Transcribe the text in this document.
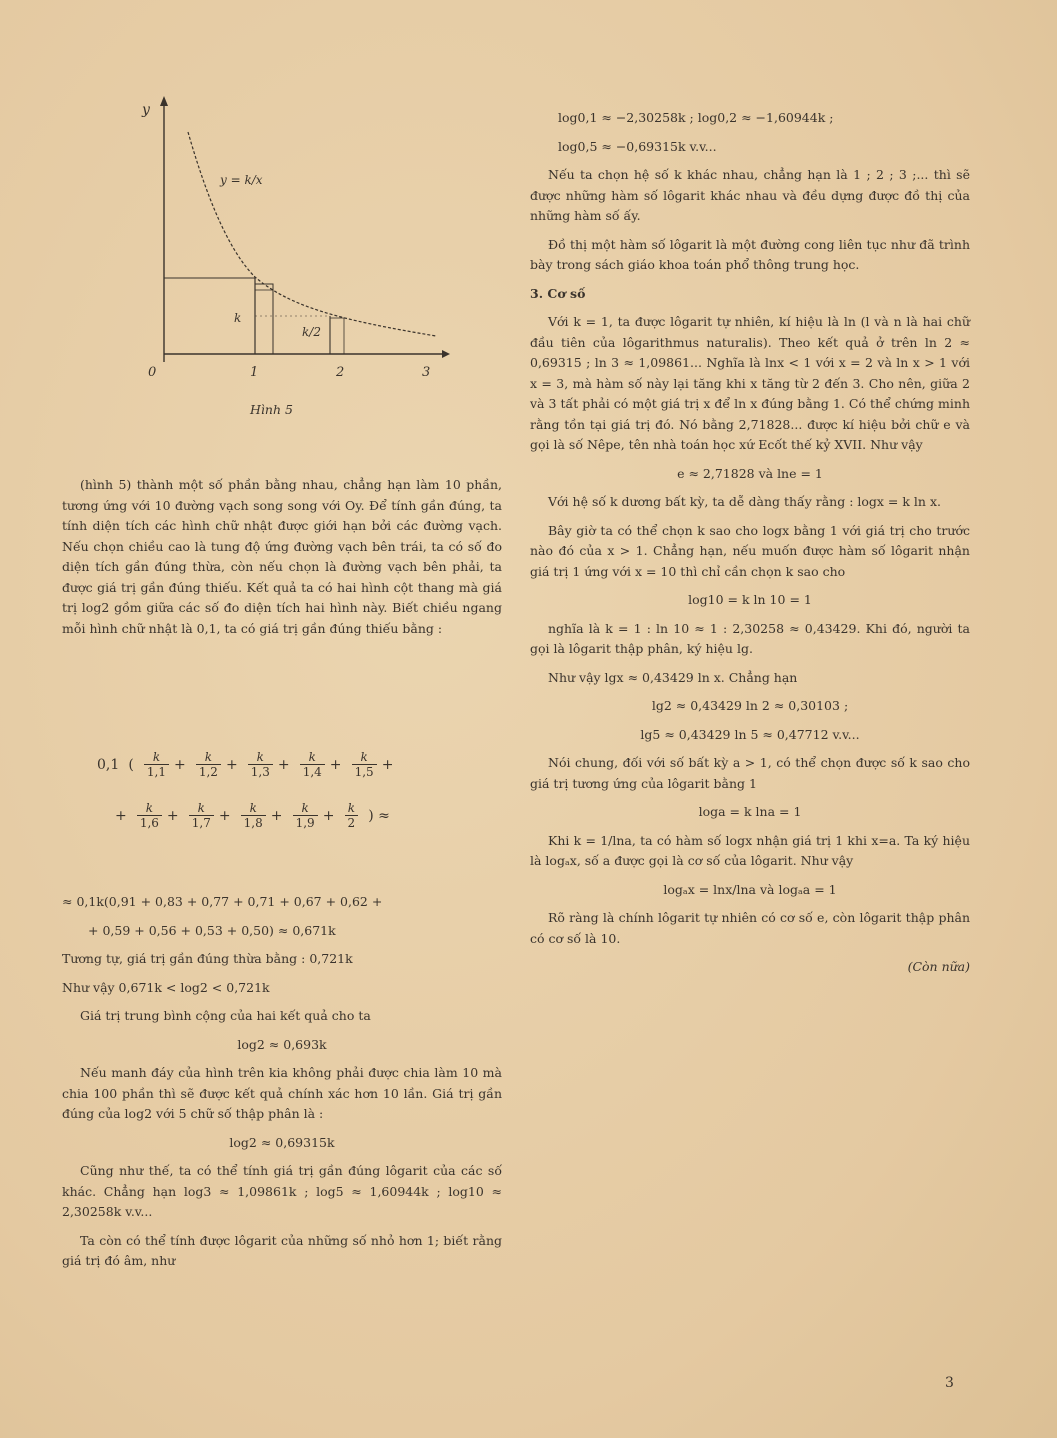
y
y = k/x
k
k/2
0	1	2	3
Hình 5

(hình 5) thành một số phần bằng nhau, chẳng hạn làm 10 phần, tương ứng với 10 đường vạch song song với Oy. Để tính gần đúng, ta tính diện tích các hình chữ nhật được giới hạn bởi các đường vạch. Nếu chọn chiều cao là tung độ ứng đường vạch bên trái, ta có số đo diện tích gần đúng thừa, còn nếu chọn là đường vạch bên phải, ta được giá trị gần đúng thiếu. Kết quả ta có hai hình cột thang mà giá trị log2 gồm giữa các số đo diện tích hai hình này. Biết chiều ngang mỗi hình chữ nhật là 0,1, ta có giá trị gần đúng thiếu bằng :

0,1 ( $\frac{k}{1,1} + \frac{k}{1,2} + \frac{k}{1,3} + \frac{k}{1,4} + \frac{k}{1,5}$ +
+ $\frac{k}{1,6} + \frac{k}{1,7} + \frac{k}{1,8} + \frac{k}{1,9} + \frac{k}{2}$ ) ≈

≈ 0,1k(0,91 + 0,83 + 0,77 + 0,71 + 0,67 + 0,62 +

+ 0,59 + 0,56 + 0,53 + 0,50) ≈ 0,671k

Tương tự, giá trị gần đúng thừa bằng : 0,721k

Như vậy 0,671k < log2 < 0,721k

Giá trị trung bình cộng của hai kết quả cho ta

log2 ≈ 0,693k

Nếu manh đáy của hình trên kia không phải được chia làm 10 mà chia 100 phần thì sẽ được kết quả chính xác hơn 10 lần. Giá trị gần đúng của log2 với 5 chữ số thập phân là :

log2 ≈ 0,69315k

Cũng như thế, ta có thể tính giá trị gần đúng lôgarit của các số khác. Chẳng hạn log3 ≈ 1,09861k ; log5 ≈ 1,60944k ; log10 ≈ 2,30258k v.v...

Ta còn có thể tính được lôgarit của những số nhỏ hơn 1; biết rằng giá trị đó âm, như

log0,1 ≈ −2,30258k ; log0,2 ≈ −1,60944k ;

log0,5 ≈ −0,69315k v.v...

Nếu ta chọn hệ số k khác nhau, chẳng hạn là 1 ; 2 ; 3 ;... thì sẽ được những hàm số lôgarit khác nhau và đều dựng được đồ thị của những hàm số ấy.

Đồ thị một hàm số lôgarit là một đường cong liên tục như đã trình bày trong sách giáo khoa toán phổ thông trung học.

3. Cơ số

Với k = 1, ta được lôgarit tự nhiên, kí hiệu là ln (l và n là hai chữ đầu tiên của lôgarithmus naturalis). Theo kết quả ở trên ln 2 ≈ 0,69315 ; ln 3 ≈ 1,09861... Nghĩa là lnx < 1 với x = 2 và ln x > 1 với x = 3, mà hàm số này lại tăng khi x tăng từ 2 đến 3. Cho nên, giữa 2 và 3 tất phải có một giá trị x để ln x đúng bằng 1. Có thể chứng minh rằng tồn tại giá trị đó. Nó bằng 2,71828... được kí hiệu bởi chữ e và gọi là số Nêpe, tên nhà toán học xứ Ecốt thế kỷ XVII. Như vậy

e ≈ 2,71828 và lne = 1

Với hệ số k dương bất kỳ, ta dễ dàng thấy rằng : logx = k ln x.

Bây giờ ta có thể chọn k sao cho logx bằng 1 với giá trị cho trước nào đó của x > 1. Chẳng hạn, nếu muốn được hàm số lôgarit nhận giá trị 1 ứng với x = 10 thì chỉ cần chọn k sao cho

log10 = k ln 10 = 1

nghĩa là k = 1 : ln 10 ≈ 1 : 2,30258 ≈ 0,43429. Khi đó, người ta gọi là lôgarit thập phân, ký hiệu lg.

Như vậy lgx ≈ 0,43429 ln x. Chẳng hạn

lg2 ≈ 0,43429 ln 2 ≈ 0,30103 ;

lg5 ≈ 0,43429 ln 5 ≈ 0,47712 v.v...

Nói chung, đối với số bất kỳ a > 1, có thể chọn được số k sao cho giá trị tương ứng của lôgarit bằng 1

loga = k lna = 1

Khi k = 1/lna, ta có hàm số logx nhận giá trị 1 khi x=a. Ta ký hiệu là logₐx, số a được gọi là cơ số của lôgarit. Như vậy

logₐx = lnx/lna và logₐa = 1

Rõ ràng là chính lôgarit tự nhiên có cơ số e, còn lôgarit thập phân có cơ số là 10.

(Còn nữa)

3
